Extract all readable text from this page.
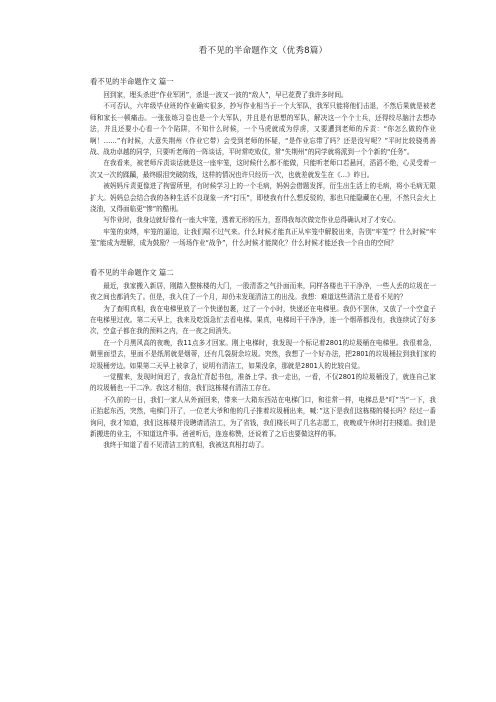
看不见的半命题作文（优秀8篇）
看不见的半命题作文 篇一

回到家，埋头杀进“作业军团”，杀退一波又一波的“敌人”，早已花费了我许多时间。

不可否认，六年级毕业班的作业确实很多，抄写作业相当于一个大军队，我军只能将他们击退，不然后果就是被老师和家长一顿痛击。一张张练习卷也是一个大军队，并且是有思想的军队，解决这一个个士兵，还得绞尽脑汁去想办法，并且还要小心看一个个陷阱，不知什么时候，一个马虎就成为俘虏，又要遭到老师的斥责：“你怎么做的作业啊！……”有时候，大意失荆州（作业它带）会受到老师的怀疑，“是作业忘带了吗？还是没写呢？”平时比较骁勇善战、战功卓越的同学，只要听老师的一阵谈话，平时常吃败仗，常“失荆州”的同学就将派到一个个新的“任务”。

在我看来，被老师斥责谈话就是这一座牢笼，这时候什么都不能做，只能听老师口若悬河，滔滔不绝，心灵受着一次又一次的蹂躏，最终眼泪突破防线，这样的情况也许只经历一次，也就差就发生在《…》昨日。

被妈妈斥责更像进了拘留所里，有时候学习上的一个毛病，妈妈会借题发挥，衍生出生活上的毛病，将小毛病无限扩大。妈妈总会结合我的各种生活不良现象一齐“打压”，即使我有什么想反驳的，那也只能隐藏在心里，不然只会火上浇油，又得面临更“惨”的酷刑。

写作业时，我身边就好像有一座大牢笼，透着无形的压力，惹得我每次做完作业总得确认对了才安心。

牢笼的束缚，牢笼的逼迫，让我们喘不过气来。什么时候才能真正从牢笼中解脱出来，告别“牢笼”？什么时候“牢笼”能成为理解，成为鼓励？一场场作业“战争”，什么时候才能简化？什么时候才能还我一个自由的空间？

看不见的半命题作文 篇二

最近，我家搬入新居，刚踏入整栋楼的大门，一股清香之气扑面而来，同样各楼也干干净净，一些人丢的垃圾在一夜之间也都消失了。但是，我入住了一个月，却仍未发现清洁工的出没。我想：难道这些清洁工是看不见的？

为了查明真相，我在电梯里放了一个快递包裹，过了一个小时，快递还在电梯里。我仍不罢休，又放了一个空盒子在电梯里过夜。第二天早上，我来及吃饭急忙去看电梯。果真，电梯间干干净净，连一个烟蒂都没有，我连续试了好多次，空盒子都在我的预料之内，在一夜之间消失。

在一个月黑风高的夜晚，我11点多才回家。刚上电梯时，我发现一个标记着2801的垃圾桶在电梯里。我很着急，朝里面望去，里面不是纸屑就是烟蒂，还有几袋厨余垃圾。突然，我想了一个好办法，把2801的垃圾桶拉到我们家的垃圾桶旁边。如果第二天早上被拿了，说明有清洁工，如果没拿，那就是2801人的比较自觉。

一觉醒来，发现时间迟了，我急忙背起书包，准备上学。我一走出，一看，不仅2801的垃圾桶没了，就连自己家的垃圾桶也一干二净。我这才相信，我们这栋楼有清洁工存在。

不久前的一日，我们一家人从外面回来，带来一大箱东西站在电梯门口，和往常一样，电梯总是“叮”当“一下，我正抬起东西，突然，电梯门开了，一位老大爷和他的几子推着垃圾桶出来，喊：”这下是我们这栋楼的楼长吗？经过一番询问，我才知道，我们这栋楼并没聘请清洁工，为了省钱，我们楼长叫了几名志愿工，夜晚或午休时打扫楼道。我们是新搬进的业主，不知道这件事。爸爸听后，连连称赞，还说着了之后也要做这样的事。

我终于知道了看不见清洁工的真相，我被这真相打动了。
